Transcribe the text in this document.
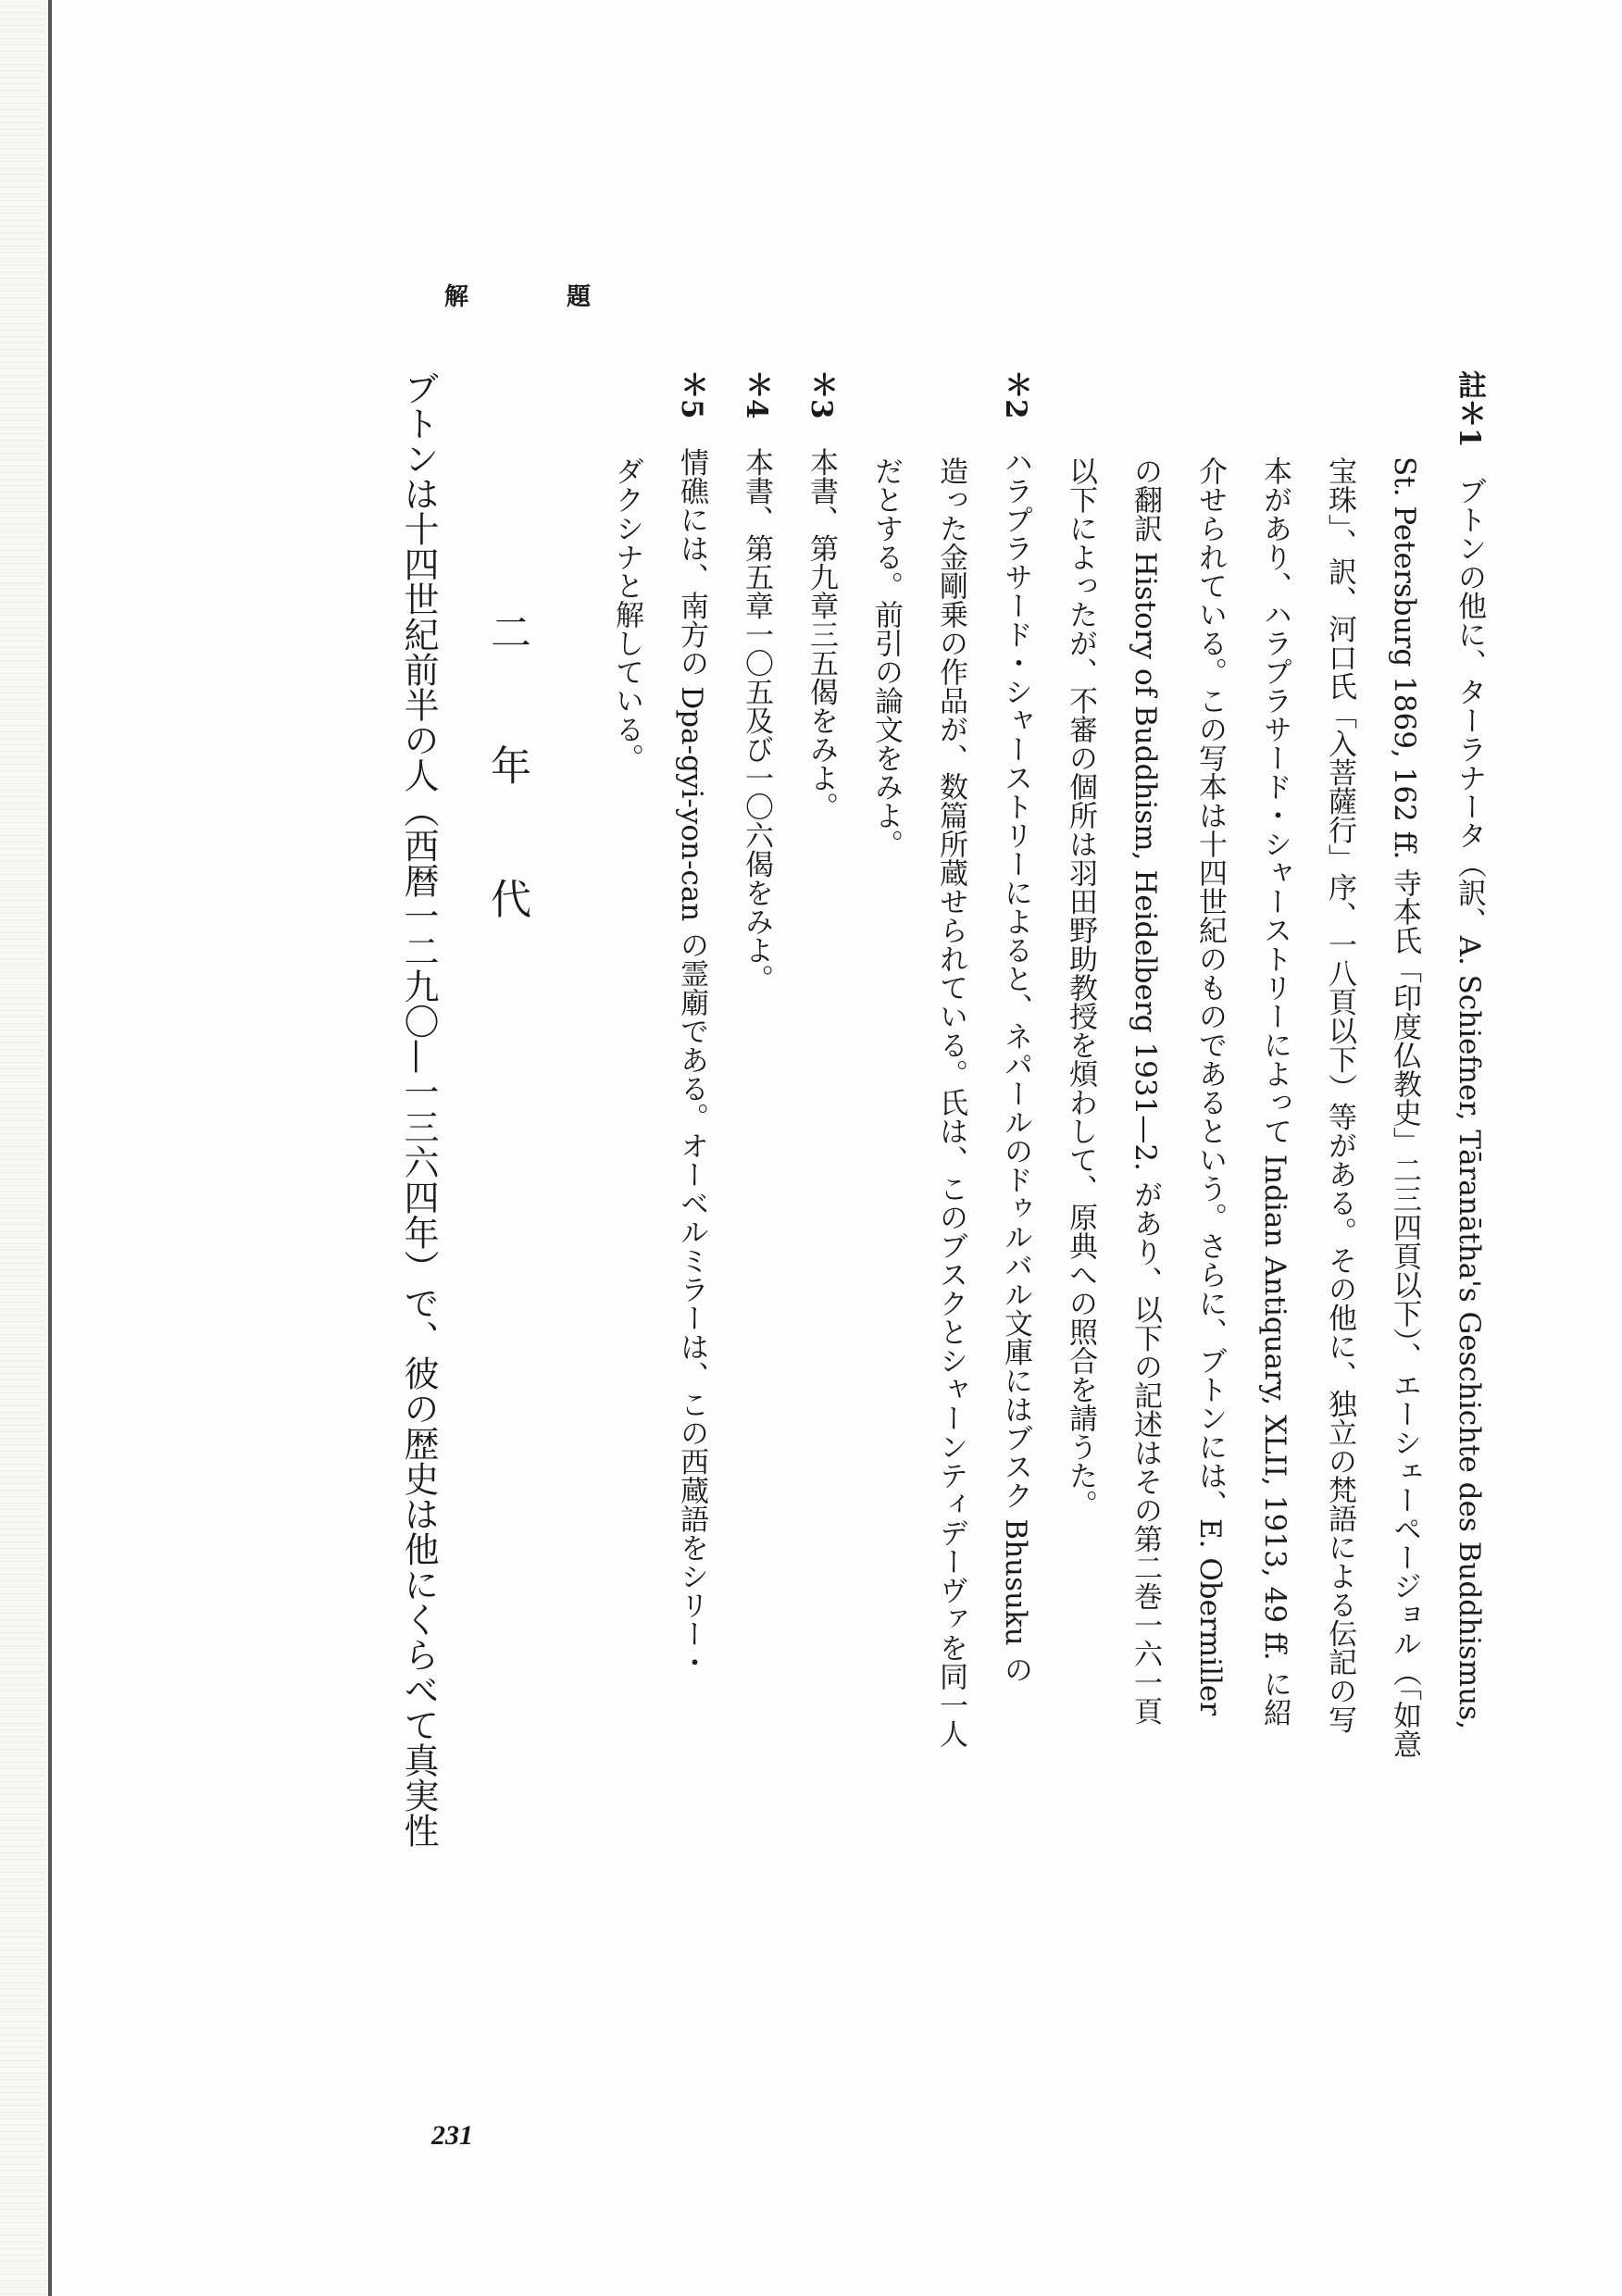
解	題
註＊1　ブトンの他に、ターラナータ（訳、A. Schiefner, Tāranātha's Geschichte des Buddhismus,
　　　St. Petersburg 1869, 162 ff. 寺本氏「印度仏教史」二三四頁以下）、エーシェーページョル（「如意
　　　宝珠」、訳、河口氏「入菩薩行」序、一八頁以下）等がある。その他に、独立の梵語による伝記の写
　　　本があり、ハラプラサード・シャーストリーによって Indian Antiquary, XLII, 1913, 49 ff. に紹
　　　介せられている。この写本は十四世紀のものであるという。さらに、ブトンには、E. Obermiller
　　　の翻訳 History of Buddhism, Heidelberg 1931—2. があり、以下の記述はその第二巻一六一頁
　　　以下によったが、不審の個所は羽田野助教授を煩わして、原典への照合を請うた。
＊2　ハラプラサード・シャーストリーによると、ネパールのドゥルバル文庫にはブスク Bhusuku の
　　　造った金剛乗の作品が、数篇所蔵せられている。氏は、このブスクとシャーンティデーヴァを同一人
　　　だとする。前引の論文をみよ。
＊3　本書、第九章三五偈をみよ。
＊4　本書、第五章一〇五及び一〇六偈をみよ。
＊5　情礁には、南方の Dpa-gyi-yon-can の霊廟である。オーベルミラーは、この西蔵語をシリー・
　　　ダクシナと解している。
二年代
ブトンは十四世紀前半の人（西暦一二九〇—一三六四年）で、彼の歴史は他にくらべて真実性
231
